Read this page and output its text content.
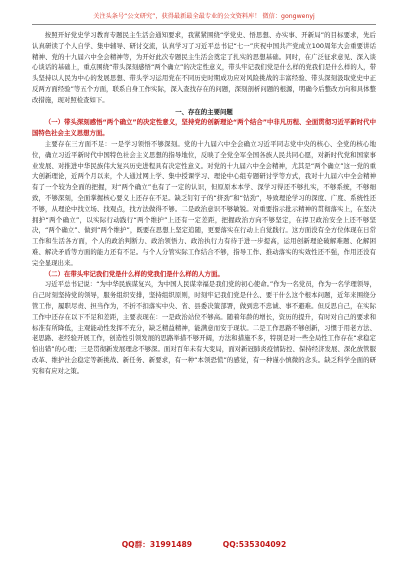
关注头条号“公文研究”，获得最新最全最专业的公文资料库！ 微信：gongwenyj

按照开好党史学习教育专题民主生活会通知要求，我紧紧围绕“学党史、悟思想、办实事、开新局”的目标要求，先后认真研读了个人自学、集中辅导、研讨交流，认真学习了习近平总书记“七一”庆祝中国共产党成立100周年大会重要讲话精神、党的十九届六中全会精神等，为开好此次专题民主生活会奠定了扎实的思想基础。同时，在广泛征求意见、深入谈心谈话的基础上，重点围绕“带头深刻感悟“两个确立”的决定性意义，带头牢记我们党是什么样的党我们是什么样的人，带头坚持以人民为中心的发展思想、带头学习运用党在不同历史时期成功应对风险挑战的丰富经验、带头深刻汲取党史中正反两方面经验”等五个方面，联系自身工作实际，深入查找存在的问题，深刻剖析问题的根源，明确今后整改方向和具体整改措施，现对照检查如下。

一、存在的主要问题

（一）带头深刻感悟“两个确立”的决定性意义，坚持党的创新理论“两个结合”中非凡历程、全面贯彻习近平新时代中国特色社会主义思想方面。

主要存在三方面不足：一是学习领悟不够深刻。党的十九届六中全会确立习近平同志党中央的核心、全党的核心地位，确立习近平新时代中国特色社会主义思想的指导地位，反映了全党全军全国各族人民共同心愿，对新时代党和国家事业发展、对推进中华民族伟大复兴历史进程具有决定性意义。对党的十九届六中全会精神，尤其是“两个确立”这一党的重大创新理论，近两个月以来，个人通过网上学、集中授课学习、理论中心组专题研讨学等方式，我对十九届六中全会精神有了一个较为全面的把握，对“两个确立”也有了一定的认识，但原原本本学、深学习得还不够扎实，不够系统，不够细致，不够深刻，全面掌握核心要义上还存在不足。缺乏钉钉子的“挤劲”和“钻劲”，导致理论学习的深度、广度、系统性还不够，从理论中找立场、找观点，找方法做得不够。二是政治意识不够敏锐。对重要指示批示精神的贯彻落实上，在坚决拥护“两个确立”，以实际行动践行“两个维护”上还有一定差距，把握政治方向不够坚定，在捍卫政治安全上还不够坚决，“两个确立”、做到“两个维护”，既要在思想上坚定追随，更要落实在行动上自觉践行。这方面没有全方位体现在日常工作和生活各方面，个人的政治判断力、政治领悟力、政治执行力有待于进一步提高，运用创新理论破解难题、化解困难、解决矛盾等方面的能力还有不足。与个人分管实际工作结合不够，指导工作、推动落实的实效性还不强，作用还没有完全显现出来。

（二）在带头牢记我们党是什么样的党我们是什么样的人方面。

习近平总书记说：“为中华民族谋复兴，为中国人民谋幸福是我们党的初心使命。”作为一名党员，作为一名学理领导，自己时刻坚持党的领导，服务组织安排，坚持组织原则，时刻牢记我们党是什么、要干什么这个根本问题，近年来围绕分管工作，履职尽责、担当作为，不折不扣落实中央、省、县委决策部署，做到忠不忠诚、事不避难。但反思自己，在实际工作中还存在以下不足和差距，主要表现在：一是政治站位不够高。随着年龄的增长，资历的提升，有时对自己的要求和标准有所降低，主观能动性发挥不充分，缺乏精益精神，能满意而安于现状。二是工作思路不够创新，习惯于用老方法、老思路、老经验开展工作，创造性引领发展的思路举措不够开阔，方法和措施不多，特别是对一些全局性工作存在“求稳定怕出错”的心理；三是贯彻新发展理念不够深。面对百年未有大变局，面对新冠肺炎疫情防控、保持经济发展、深化放管服改革、维护社会稳定等新挑战、新任务、新要求，有一种“本领恐慌”的感觉，有一种谨小慎微的念头。缺乏科学全面的研究和有应对之策。

QQ群：31991489	QQ:535304092
